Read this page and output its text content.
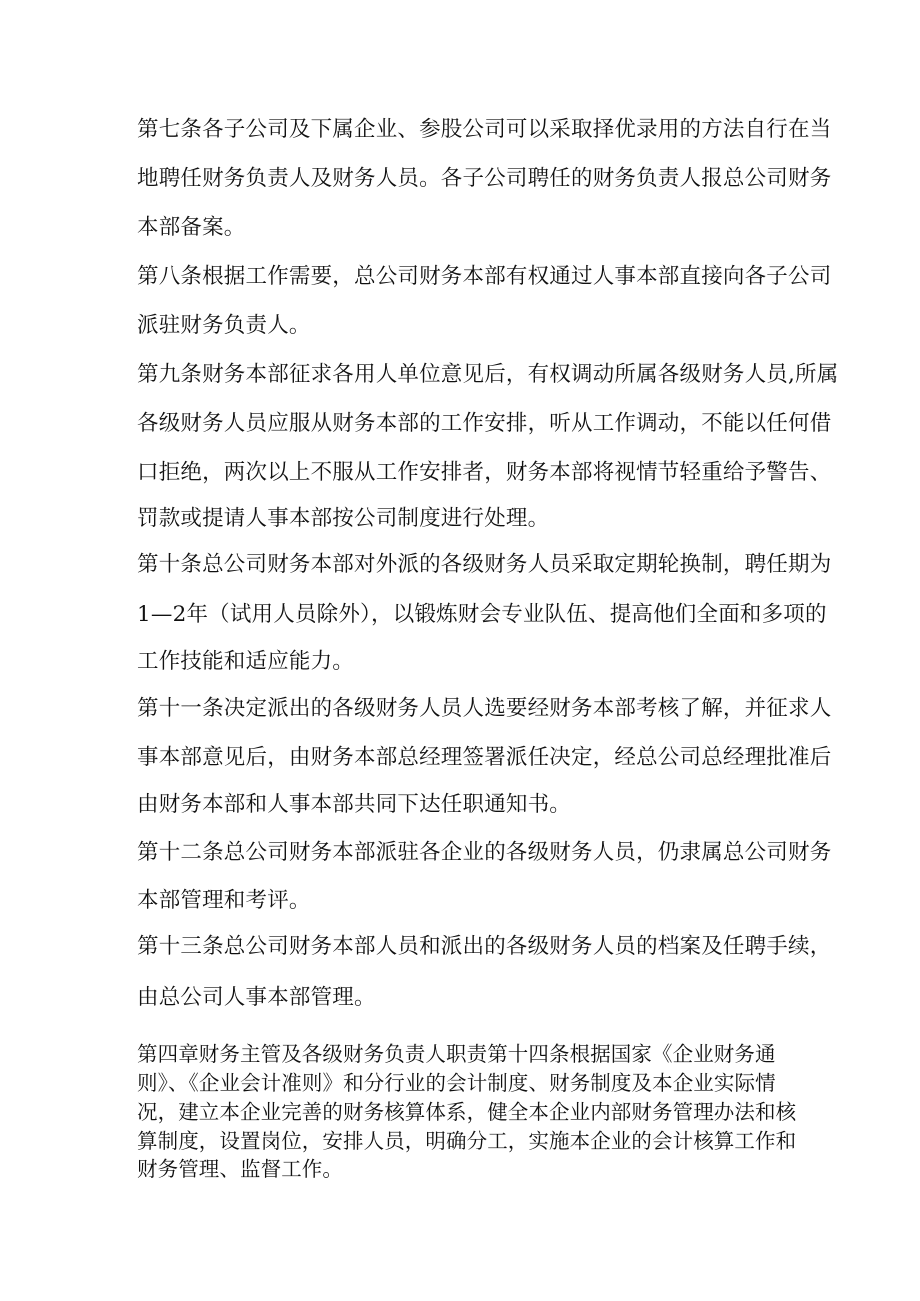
第七条各子公司及下属企业、参股公司可以采取择优录用的方法自行在当
地聘任财务负责人及财务人员。各子公司聘任的财务负责人报总公司财务
本部备案。
第八条根据工作需要，总公司财务本部有权通过人事本部直接向各子公司
派驻财务负责人。
第九条财务本部征求各用人单位意见后，有权调动所属各级财务人员,所属
各级财务人员应服从财务本部的工作安排，听从工作调动，不能以任何借
口拒绝，两次以上不服从工作安排者，财务本部将视情节轻重给予警告、
罚款或提请人事本部按公司制度进行处理。
第十条总公司财务本部对外派的各级财务人员采取定期轮换制，聘任期为
1—2年（试用人员除外），以锻炼财会专业队伍、提高他们全面和多项的
工作技能和适应能力。
第十一条决定派出的各级财务人员人选要经财务本部考核了解，并征求人
事本部意见后，由财务本部总经理签署派任决定，经总公司总经理批准后
由财务本部和人事本部共同下达任职通知书。
第十二条总公司财务本部派驻各企业的各级财务人员，仍隶属总公司财务
本部管理和考评。
第十三条总公司财务本部人员和派出的各级财务人员的档案及任聘手续，
由总公司人事本部管理。
第四章财务主管及各级财务负责人职责第十四条根据国家《企业财务通
则》、《企业会计准则》和分行业的会计制度、财务制度及本企业实际情
况，建立本企业完善的财务核算体系，健全本企业内部财务管理办法和核
算制度，设置岗位，安排人员，明确分工，实施本企业的会计核算工作和
财务管理、监督工作。
